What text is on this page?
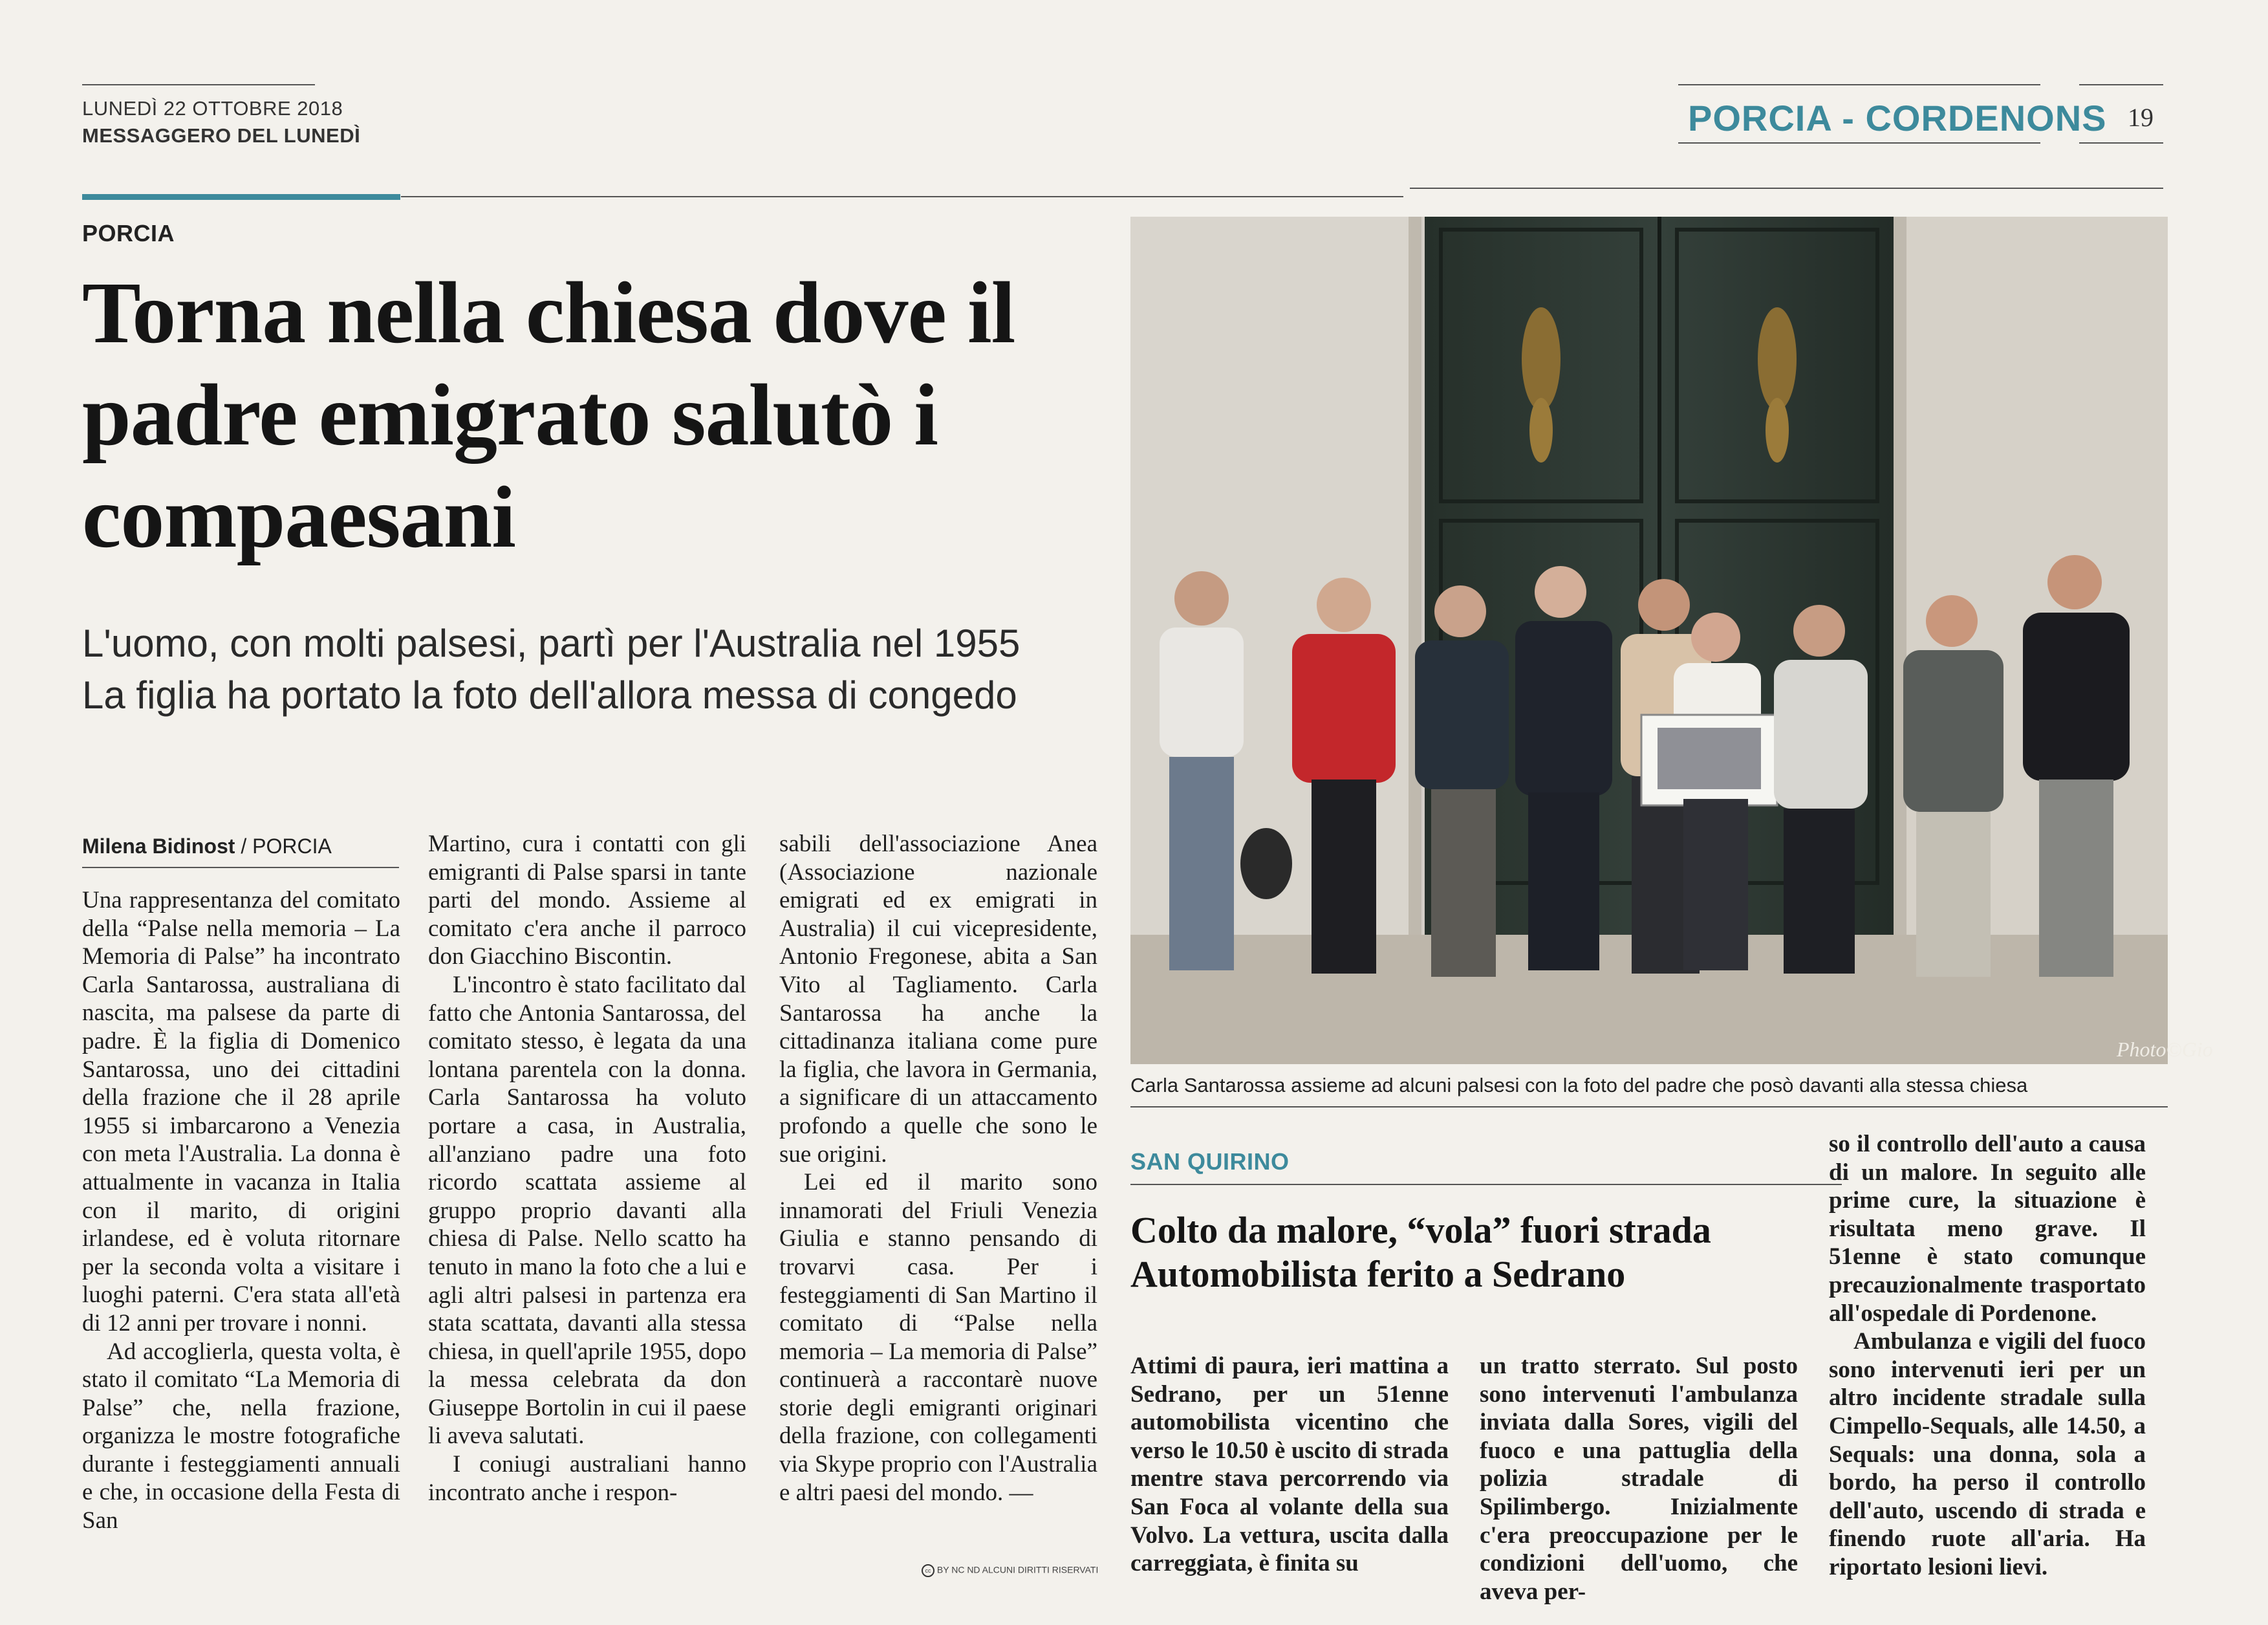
LUNEDÌ 22 OTTOBRE 2018
MESSAGGERO DEL LUNEDÌ	PORCIA - CORDENONS 19
PORCIA
Torna nella chiesa dove il padre emigrato salutò i compaesani
L'uomo, con molti palsesi, partì per l'Australia nel 1955
La figlia ha portato la foto dell'allora messa di congedo
Milena Bidinost / PORCIA

Una rappresentanza del comitato della “Palse nella memoria – La Memoria di Palse” ha incontrato Carla Santarossa, australiana di nascita, ma palsese da parte di padre. È la figlia di Domenico Santarossa, uno dei cittadini della frazione che il 28 aprile 1955 si imbarcarono a Venezia con meta l'Australia. La donna è attualmente in vacanza in Italia con il marito, di origini irlandese, ed è voluta ritornare per la seconda volta a visitare i luoghi paterni. C'era stata all'età di 12 anni per trovare i nonni.

Ad accoglierla, questa volta, è stato il comitato “La Memoria di Palse” che, nella frazione, organizza le mostre fotografiche durante i festeggiamenti annuali e che, in occasione della Festa di San

Martino, cura i contatti con gli emigranti di Palse sparsi in tante parti del mondo. Assieme al comitato c'era anche il parroco don Giacchino Biscontin.

L'incontro è stato facilitato dal fatto che Antonia Santarossa, del comitato stesso, è legata da una lontana parentela con la donna. Carla Santarossa ha voluto portare a casa, in Australia, all'anziano padre una foto ricordo scattata assieme al gruppo proprio davanti alla chiesa di Palse. Nello scatto ha tenuto in mano la foto che a lui e agli altri palsesi in partenza era stata scattata, davanti alla stessa chiesa, in quell'aprile 1955, dopo la messa celebrata da don Giuseppe Bortolin in cui il paese li aveva salutati.

I coniugi australiani hanno incontrato anche i respon-

sabili dell'associazione Anea (Associazione nazionale emigrati ed ex emigrati in Australia) il cui vicepresidente, Antonio Fregonese, abita a San Vito al Tagliamento. Carla Santarossa ha anche la cittadinanza italiana come pure la figlia, che lavora in Germania, a significare di un attaccamento profondo a quelle che sono le sue origini.

Lei ed il marito sono innamorati del Friuli Venezia Giulia e stanno pensando di trovarvi casa. Per i festeggiamenti di San Martino il comitato di “Palse nella memoria – La memoria di Palse” continuerà a raccontarè nuove storie degli emigranti originari della frazione, con collegamenti via Skype proprio con l'Australia e altri paesi del mondo. —

cc BY NC ND ALCUNI DIRITTI RISERVATI
Photo©Gio
Carla Santarossa assieme ad alcuni palsesi con la foto del padre che posò davanti alla stessa chiesa
SAN QUIRINO
Colto da malore, “vola” fuori strada
Automobilista ferito a Sedrano

Attimi di paura, ieri mattina a Sedrano, per un 51enne automobilista vicentino che verso le 10.50 è uscito di strada mentre stava percorrendo via San Foca al volante della sua Volvo. La vettura, uscita dalla carreggiata, è finita su

un tratto sterrato. Sul posto sono intervenuti l'ambulanza inviata dalla Sores, vigili del fuoco e una pattuglia della polizia stradale di Spilimbergo. Inizialmente c'era preoccupazione per le condizioni dell'uomo, che aveva per-

so il controllo dell'auto a causa di un malore. In seguito alle prime cure, la situazione è risultata meno grave. Il 51enne è stato comunque precauzionalmente trasportato all'ospedale di Pordenone.

Ambulanza e vigili del fuoco sono intervenuti ieri per un altro incidente stradale sulla Cimpello-Sequals, alle 14.50, a Sequals: una donna, sola a bordo, ha perso il controllo dell'auto, uscendo di strada e finendo ruote all'aria. Ha riportato lesioni lievi.
